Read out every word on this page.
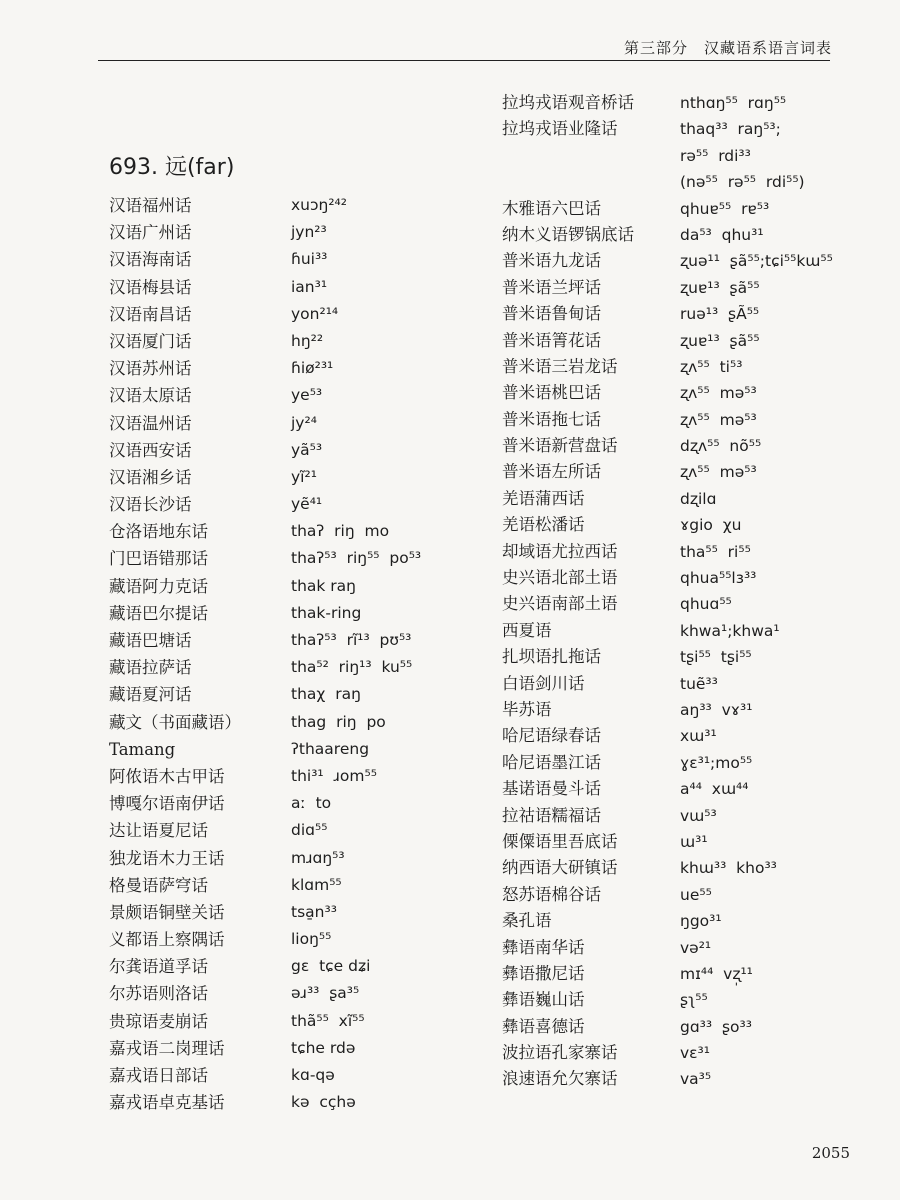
第三部分　汉藏语系语言词表
693. 远(far)
汉语福州话	xuɔŋ²⁴²
汉语广州话	jyn²³
汉语海南话	ɦui³³
汉语梅县话	ian³¹
汉语南昌话	yon²¹⁴
汉语厦门话	hŋ²²
汉语苏州话	ɦiø²³¹
汉语太原话	ye⁵³
汉语温州话	jy²⁴
汉语西安话	yã⁵³
汉语湘乡话	yĩ²¹
汉语长沙话	yẽ⁴¹
仓洛语地东话	thaʔ  riŋ  mo
门巴语错那话	thaʔ⁵³  riŋ⁵⁵  po⁵³
藏语阿力克话	thak raŋ
藏语巴尔提话	thak-ring
藏语巴塘话	thaʔ⁵³  rĩ¹³  pʊ⁵³
藏语拉萨话	tha⁵²  riŋ¹³  ku⁵⁵
藏语夏河话	thaχ  raŋ
藏文（书面藏语）	thag  riŋ  po
Tamang	ʔthaareng
阿侬语木古甲话	thi³¹  ɹom⁵⁵
博嘎尔语南伊话	aː  to
达让语夏尼话	diɑ⁵⁵
独龙语木力王话	mɹɑŋ⁵³
格曼语萨穹话	klɑm⁵⁵
景颇语铜壁关话	tsa̱n³³
义都语上察隅话	lioŋ⁵⁵
尔龚语道孚话	gɛ  tɕe dʑi
尔苏语则洛话	əɹ³³  ʂa³⁵
贵琼语麦崩话	thã⁵⁵  xĩ⁵⁵
嘉戎语二岗理话	tɕhe rdə
嘉戎语日部话	kɑ-qə
嘉戎语卓克基话	kə  cçhə
拉坞戎语观音桥话	nthɑŋ⁵⁵  rɑŋ⁵⁵
拉坞戎语业隆话	thaq³³  raŋ⁵³;
rə⁵⁵  rdi³³
(nə⁵⁵  rə⁵⁵  rdi⁵⁵)
木雅语六巴话	qhuɐ⁵⁵  rɐ⁵³
纳木义语锣锅底话	da⁵³  qhu³¹
普米语九龙话	ʐuə¹¹  ʂã⁵⁵;tɕi⁵⁵kɯ⁵⁵
普米语兰坪话	ʐuɐ¹³  ʂã⁵⁵
普米语鲁甸话	ruə¹³  ʂÃ⁵⁵
普米语箐花话	ʐuɐ¹³  ʂã⁵⁵
普米语三岩龙话	ʐʌ⁵⁵  ti⁵³
普米语桃巴话	ʐʌ⁵⁵  mə⁵³
普米语拖七话	ʐʌ⁵⁵  mə⁵³
普米语新营盘话	dʐʌ⁵⁵  nõ⁵⁵
普米语左所话	ʐʌ⁵⁵  mə⁵³
羌语蒲西话	dʐilɑ
羌语松潘话	ɤgio  χu
却域语尤拉西话	tha⁵⁵  ri⁵⁵
史兴语北部土语	qhua⁵⁵lɜ³³
史兴语南部土语	qhuɑ⁵⁵
西夏语	khwa¹;khwa¹
扎坝语扎拖话	tʂi⁵⁵  tʂi⁵⁵
白语剑川话	tuẽ³³
毕苏语	aŋ³³  vɤ³¹
哈尼语绿春话	xɯ³¹
哈尼语墨江话	ɣɛ³¹;mo⁵⁵
基诺语曼斗话	a⁴⁴  xɯ⁴⁴
拉祜语糯福话	vɯ⁵³
傈僳语里吾底话	ɯ³¹
纳西语大研镇话	khɯ³³  kho³³
怒苏语棉谷话	ue⁵⁵
桑孔语	ŋgo³¹
彝语南华话	və²¹
彝语撒尼话	mɪ⁴⁴  vʐ̩¹¹
彝语巍山话	ʂʅ⁵⁵
彝语喜德话	gɑ³³  ʂo³³
波拉语孔家寨话	vɛ³¹
浪速语允欠寨话	va³⁵
2055
